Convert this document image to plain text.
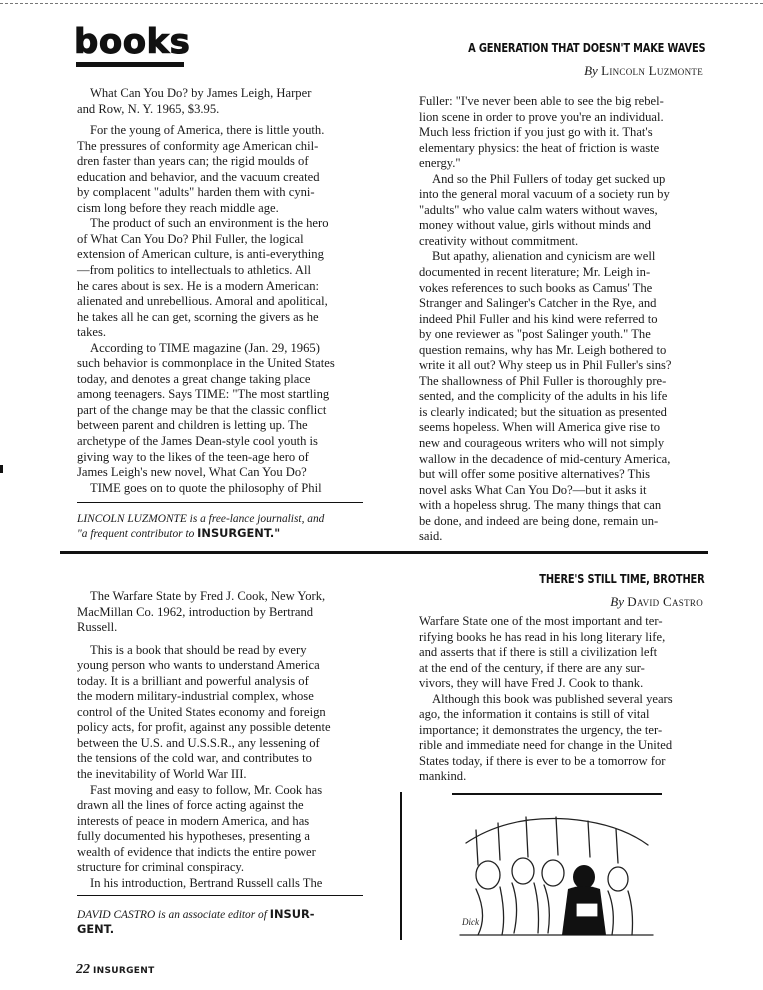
books	A GENERATION THAT DOESN'T MAKE WAVES
By Lincoln Luzmonte
What Can You Do? by James Leigh, Harper
and Row, N. Y. 1965, $3.95.
For the young of America, there is little youth.
The pressures of conformity age American chil-
dren faster than years can; the rigid moulds of
education and behavior, and the vacuum created
by complacent "adults" harden them with cyni-
cism long before they reach middle age.
The product of such an environment is the hero
of What Can You Do? Phil Fuller, the logical
extension of American culture, is anti-everything
—from politics to intellectuals to athletics. All
he cares about is sex. He is a modern American:
alienated and unrebellious. Amoral and apolitical,
he takes all he can get, scorning the givers as he
takes.
According to TIME magazine (Jan. 29, 1965)
such behavior is commonplace in the United States
today, and denotes a great change taking place
among teenagers. Says TIME: "The most startling
part of the change may be that the classic conflict
between parent and children is letting up. The
archetype of the James Dean-style cool youth is
giving way to the likes of the teen-age hero of
James Leigh's new novel, What Can You Do?
TIME goes on to quote the philosophy of Phil
LINCOLN LUZMONTE is a free-lance journalist, and
"a frequent contributor to INSURGENT."
Fuller: "I've never been able to see the big rebel-
lion scene in order to prove you're an individual.
Much less friction if you just go with it. That's
elementary physics: the heat of friction is waste
energy."
And so the Phil Fullers of today get sucked up
into the general moral vacuum of a society run by
"adults" who value calm waters without waves,
money without value, girls without minds and
creativity without commitment.
But apathy, alienation and cynicism are well
documented in recent literature; Mr. Leigh in-
vokes references to such books as Camus' The
Stranger and Salinger's Catcher in the Rye, and
indeed Phil Fuller and his kind were referred to
by one reviewer as "post Salinger youth." The
question remains, why has Mr. Leigh bothered to
write it all out? Why steep us in Phil Fuller's sins?
The shallowness of Phil Fuller is thoroughly pre-
sented, and the complicity of the adults in his life
is clearly indicated; but the situation as presented
seems hopeless. When will America give rise to
new and courageous writers who will not simply
wallow in the decadence of mid-century America,
but will offer some positive alternatives? This
novel asks What Can You Do?—but it asks it
with a hopeless shrug. The many things that can
be done, and indeed are being done, remain un-
said.
THERE'S STILL TIME, BROTHER
By David Castro
The Warfare State by Fred J. Cook, New York,
MacMillan Co. 1962, introduction by Bertrand
Russell.
This is a book that should be read by every
young person who wants to understand America
today. It is a brilliant and powerful analysis of
the modern military-industrial complex, whose
control of the United States economy and foreign
policy acts, for profit, against any possible detente
between the U.S. and U.S.S.R., any lessening of
the tensions of the cold war, and contributes to
the inevitability of World War III.
Fast moving and easy to follow, Mr. Cook has
drawn all the lines of force acting against the
interests of peace in modern America, and has
fully documented his hypotheses, presenting a
wealth of evidence that indicts the entire power
structure for criminal conspiracy.
In his introduction, Bertrand Russell calls The
DAVID CASTRO is an associate editor of INSUR-
GENT.
Warfare State one of the most important and ter-
rifying books he has read in his long literary life,
and asserts that if there is still a civilization left
at the end of the century, if there are any sur-
vivors, they will have Fred J. Cook to thank.
Although this book was published several years
ago, the information it contains is still of vital
importance; it demonstrates the urgency, the ter-
rible and immediate need for change in the United
States today, if there is ever to be a tomorrow for
mankind.
Dick
22 INSURGENT
